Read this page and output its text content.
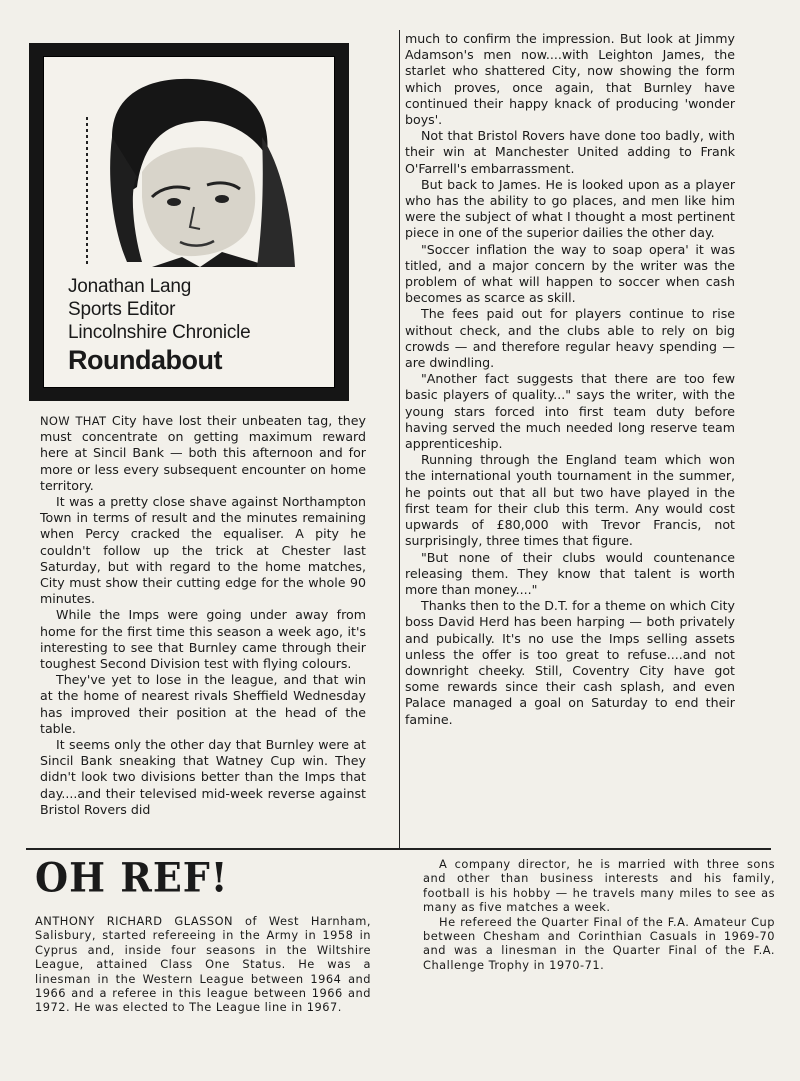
Jonathan Lang
Sports Editor
Lincolnshire Chronicle
Roundabout

NOW THAT City have lost their unbeaten tag, they must concentrate on getting maximum reward here at Sincil Bank — both this afternoon and for more or less every subsequent encounter on home territory.

It was a pretty close shave against Northampton Town in terms of result and the minutes remaining when Percy cracked the equaliser. A pity he couldn't follow up the trick at Chester last Saturday, but with regard to the home matches, City must show their cutting edge for the whole 90 minutes.

While the Imps were going under away from home for the first time this season a week ago, it's interesting to see that Burnley came through their toughest Second Division test with flying colours.

They've yet to lose in the league, and that win at the home of nearest rivals Sheffield Wednesday has improved their position at the head of the table.

It seems only the other day that Burnley were at Sincil Bank sneaking that Watney Cup win. They didn't look two divisions better than the Imps that day....and their televised mid-week reverse against Bristol Rovers did

much to confirm the impression. But look at Jimmy Adamson's men now....with Leighton James, the starlet who shattered City, now showing the form which proves, once again, that Burnley have continued their happy knack of producing 'wonder boys'.

Not that Bristol Rovers have done too badly, with their win at Manchester United adding to Frank O'Farrell's embarrassment.

But back to James. He is looked upon as a player who has the ability to go places, and men like him were the subject of what I thought a most pertinent piece in one of the superior dailies the other day.

"Soccer inflation the way to soap opera' it was titled, and a major concern by the writer was the problem of what will happen to soccer when cash becomes as scarce as skill.

The fees paid out for players continue to rise without check, and the clubs able to rely on big crowds — and therefore regular heavy spending — are dwindling.

"Another fact suggests that there are too few basic players of quality..." says the writer, with the young stars forced into first team duty before having served the much needed long reserve team apprenticeship.

Running through the England team which won the international youth tournament in the summer, he points out that all but two have played in the first team for their club this term. Any would cost upwards of £80,000 with Trevor Francis, not surprisingly, three times that figure.

"But none of their clubs would countenance releasing them. They know that talent is worth more than money...."

Thanks then to the D.T. for a theme on which City boss David Herd has been harping — both privately and pubically. It's no use the Imps selling assets unless the offer is too great to refuse....and not downright cheeky. Still, Coventry City have got some rewards since their cash splash, and even Palace managed a goal on Saturday to end their famine.

OH REF!

ANTHONY RICHARD GLASSON of West Harnham, Salisbury, started refereeing in the Army in 1958 in Cyprus and, inside four seasons in the Wiltshire League, attained Class One Status. He was a linesman in the Western League between 1964 and 1966 and a referee in this league between 1966 and 1972. He was elected to The League line in 1967.

A company director, he is married with three sons and other than business interests and his family, football is his hobby — he travels many miles to see as many as five matches a week.

He refereed the Quarter Final of the F.A. Amateur Cup between Chesham and Corinthian Casuals in 1969-70 and was a linesman in the Quarter Final of the F.A. Challenge Trophy in 1970-71.
